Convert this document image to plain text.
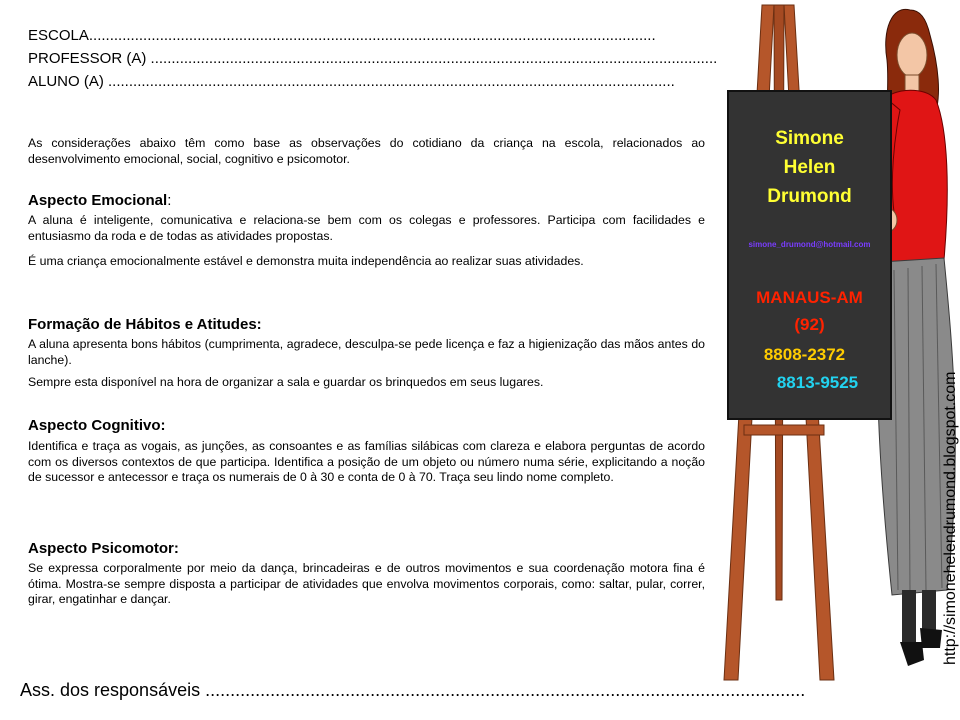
ESCOLA........................................................................................................................................
PROFESSOR (A) ........................................................................................................................................
ALUNO (A) ........................................................................................................................................
As considerações abaixo têm como base as observações do cotidiano da criança na escola, relacionados ao desenvolvimento emocional, social, cognitivo e psicomotor.
Aspecto Emocional:
A aluna é inteligente, comunicativa e relaciona-se bem com os colegas e professores. Participa com facilidades e entusiasmo da roda e de todas as atividades propostas.
É uma criança emocionalmente estável e demonstra muita independência ao realizar suas atividades.
Formação de Hábitos e Atitudes:
A aluna apresenta bons hábitos (cumprimenta, agradece, desculpa-se pede licença e faz a higienização das mãos antes do lanche).
Sempre esta disponível na hora de organizar a sala e guardar os brinquedos em seus lugares.
Aspecto Cognitivo:
Identifica e traça as vogais, as junções, as consoantes e as famílias silábicas com clareza e elabora perguntas de acordo com os diversos contextos de que participa. Identifica a posição de um objeto ou número numa série, explicitando a noção de sucessor e antecessor e traça os numerais de 0 à 30 e conta de 0 à 70. Traça seu lindo nome completo.
Aspecto Psicomotor:
Se expressa corporalmente por meio da dança, brincadeiras e de outros movimentos e sua coordenação motora fina é ótima. Mostra-se sempre disposta a participar de atividades que envolva movimentos corporais, como: saltar, pular, correr, girar, engatinhar e dançar.
Ass. dos responsáveis ........................................................................................................................
Simone
Helen
Drumond
simone_drumond@hotmail.com
MANAUS-AM
(92)
8808-2372
8813-9525	http://simonehelendrumond.blogspot.com
